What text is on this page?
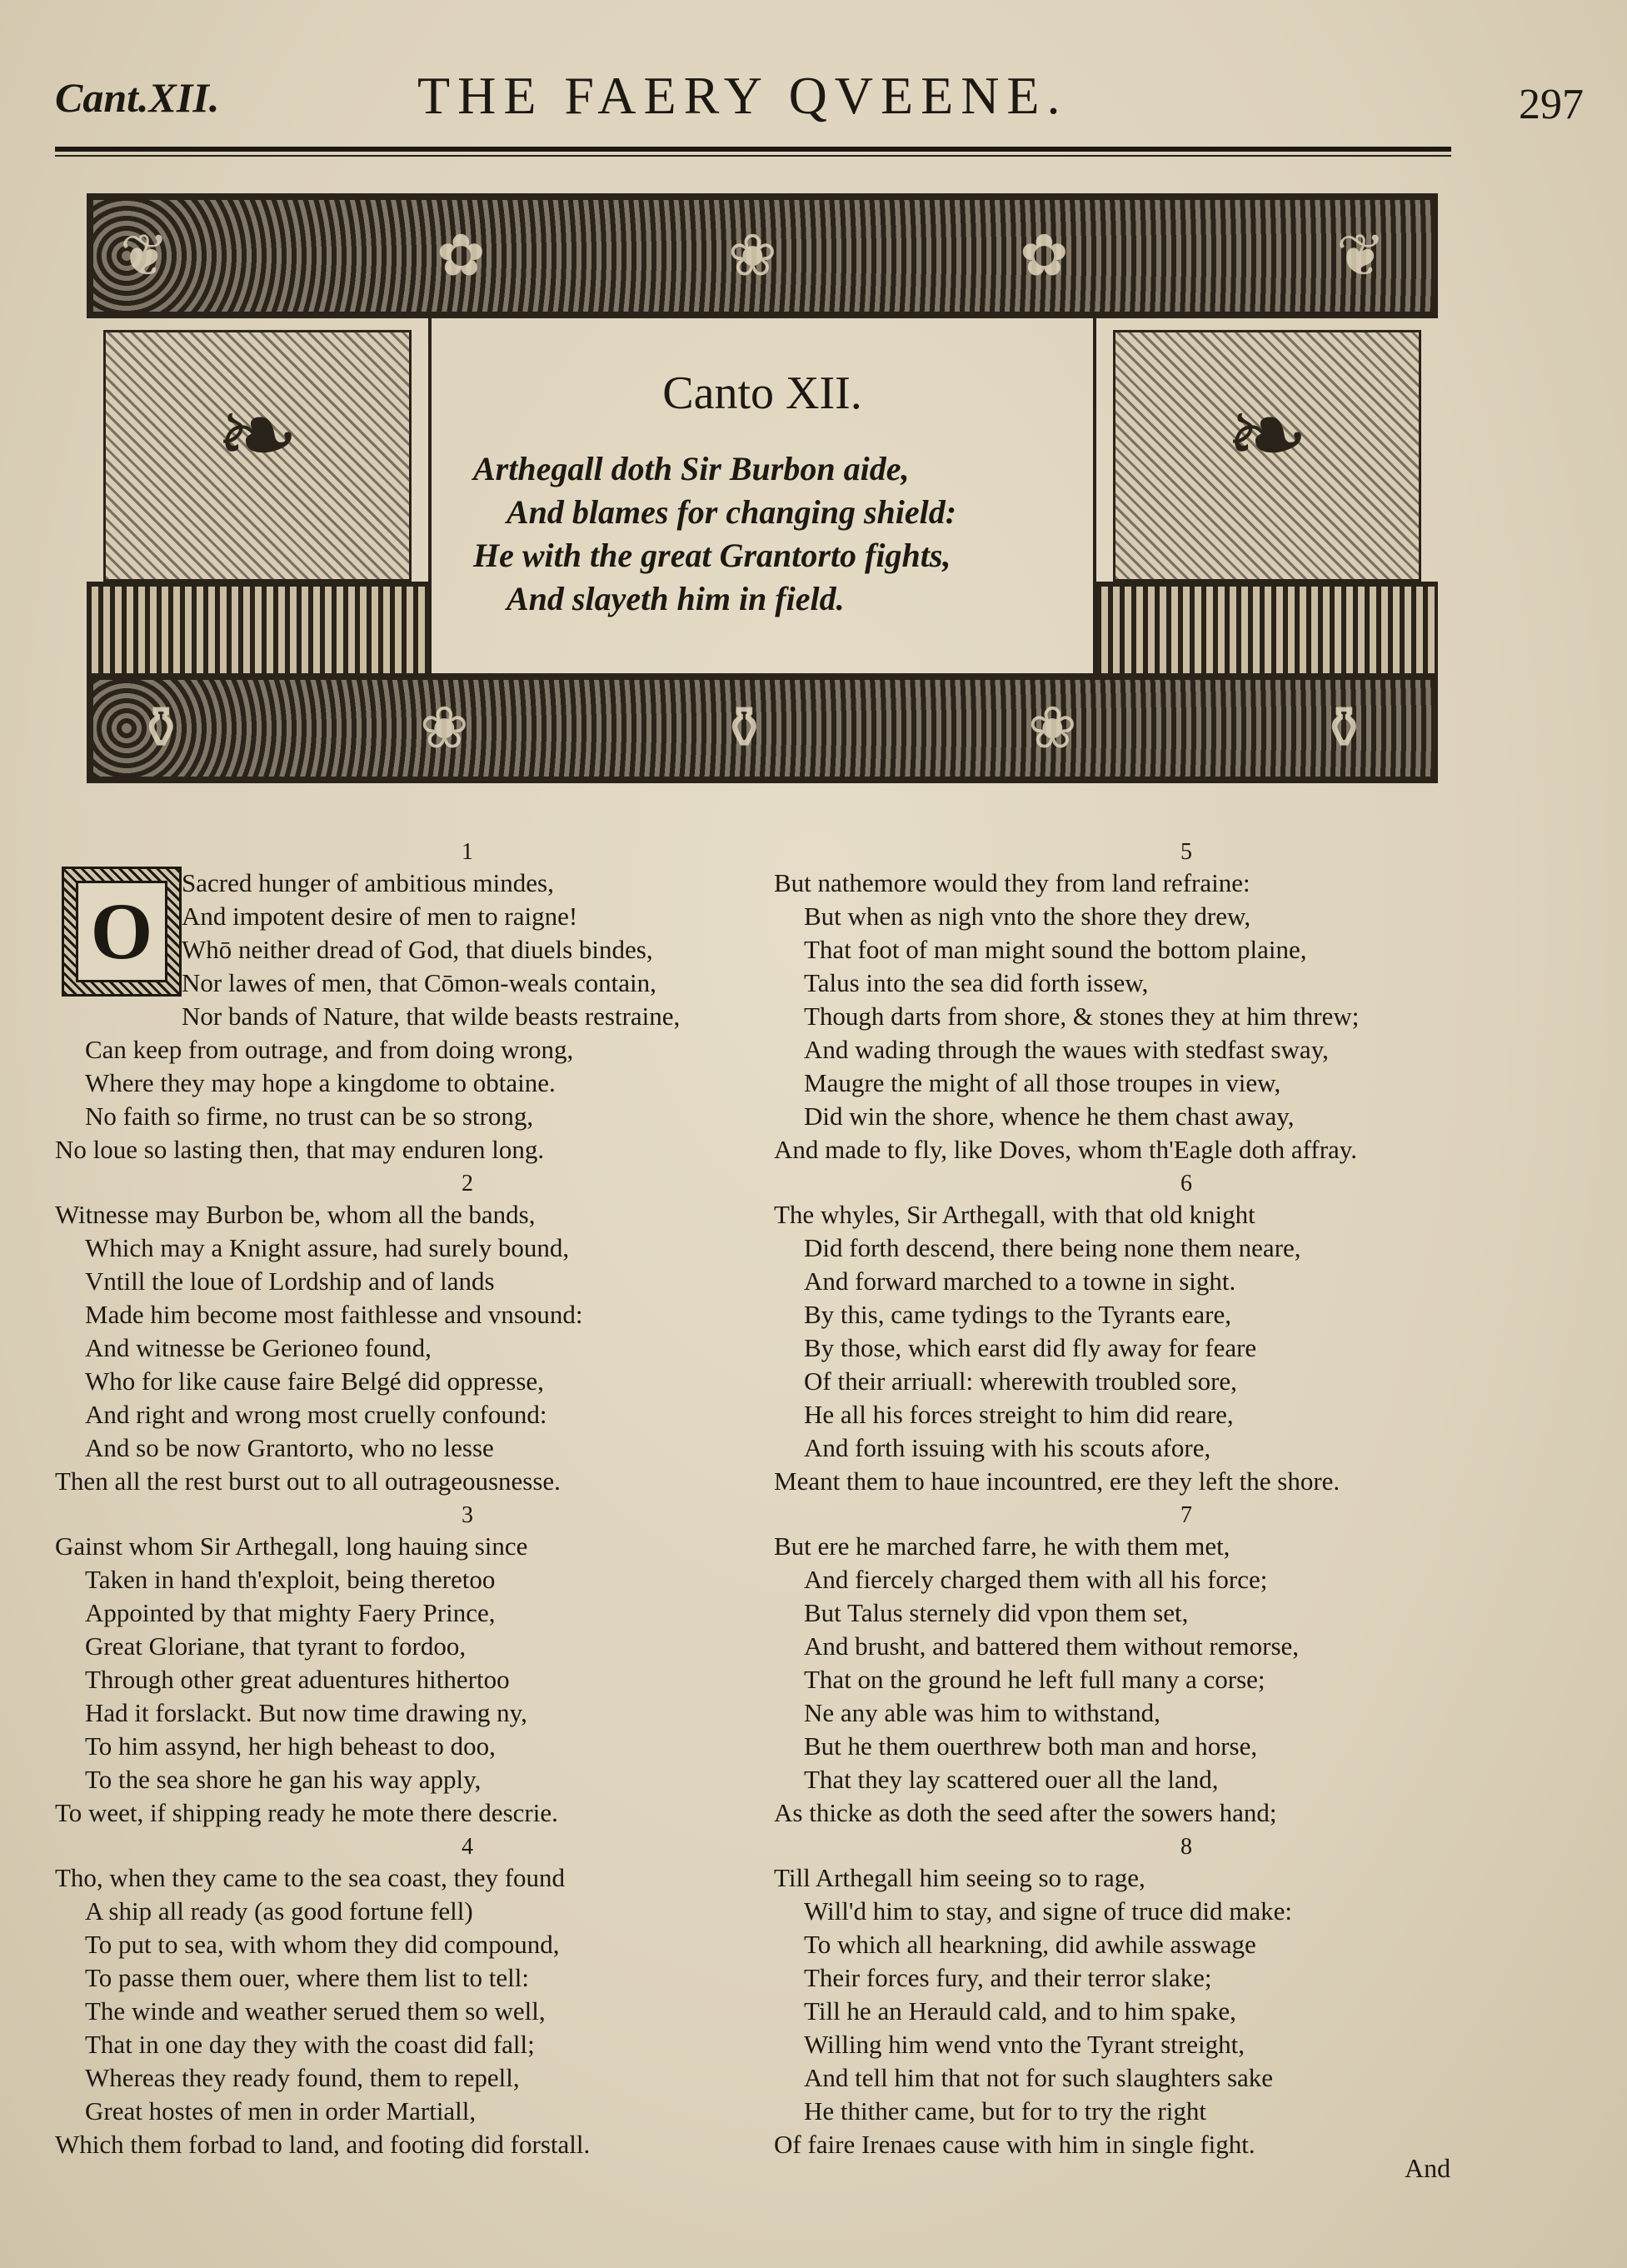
Cant.XII.	THE FAERY QVEENE.	297
❦	✿	❀	✿	❦
❧	Canto XII.
Arthegall doth Sir Burbon aide,
And blames for changing shield:
He with the great Grantorto fights,
And slayeth him in field.
❧
⚱	❀	⚱	❀	⚱
1
Sacred hunger of ambitious mindes,
And impotent desire of men to raigne!
Whō neither dread of God, that diuels bindes,
Nor lawes of men, that Cōmon-weals contain,
Nor bands of Nature, that wilde beasts restraine,
Can keep from outrage, and from doing wrong,
Where they may hope a kingdome to obtaine.
No faith so firme, no trust can be so strong,
No loue so lasting then, that may enduren long.
2
Witnesse may Burbon be, whom all the bands,
Which may a Knight assure, had surely bound,
Vntill the loue of Lordship and of lands
Made him become most faithlesse and vnsound:
And witnesse be Gerioneo found,
Who for like cause faire Belgé did oppresse,
And right and wrong most cruelly confound:
And so be now Grantorto, who no lesse
Then all the rest burst out to all outrageousnesse.
3
Gainst whom Sir Arthegall, long hauing since
Taken in hand th'exploit, being theretoo
Appointed by that mighty Faery Prince,
Great Gloriane, that tyrant to fordoo,
Through other great aduentures hithertoo
Had it forslackt. But now time drawing ny,
To him assynd, her high beheast to doo,
To the sea shore he gan his way apply,
To weet, if shipping ready he mote there descrie.
4
Tho, when they came to the sea coast, they found
A ship all ready (as good fortune fell)
To put to sea, with whom they did compound,
To passe them ouer, where them list to tell:
The winde and weather serued them so well,
That in one day they with the coast did fall;
Whereas they ready found, them to repell,
Great hostes of men in order Martiall,
Which them forbad to land, and footing did forstall.
O
5
But nathemore would they from land refraine:
But when as nigh vnto the shore they drew,
That foot of man might sound the bottom plaine,
Talus into the sea did forth issew,
Though darts from shore, & stones they at him threw;
And wading through the waues with stedfast sway,
Maugre the might of all those troupes in view,
Did win the shore, whence he them chast away,
And made to fly, like Doves, whom th'Eagle doth affray.
6
The whyles, Sir Arthegall, with that old knight
Did forth descend, there being none them neare,
And forward marched to a towne in sight.
By this, came tydings to the Tyrants eare,
By those, which earst did fly away for feare
Of their arriuall: wherewith troubled sore,
He all his forces streight to him did reare,
And forth issuing with his scouts afore,
Meant them to haue incountred, ere they left the shore.
7
But ere he marched farre, he with them met,
And fiercely charged them with all his force;
But Talus sternely did vpon them set,
And brusht, and battered them without remorse,
That on the ground he left full many a corse;
Ne any able was him to withstand,
But he them ouerthrew both man and horse,
That they lay scattered ouer all the land,
As thicke as doth the seed after the sowers hand;
8
Till Arthegall him seeing so to rage,
Will'd him to stay, and signe of truce did make:
To which all hearkning, did awhile asswage
Their forces fury, and their terror slake;
Till he an Herauld cald, and to him spake,
Willing him wend vnto the Tyrant streight,
And tell him that not for such slaughters sake
He thither came, but for to try the right
Of faire Irenaes cause with him in single fight.
And
